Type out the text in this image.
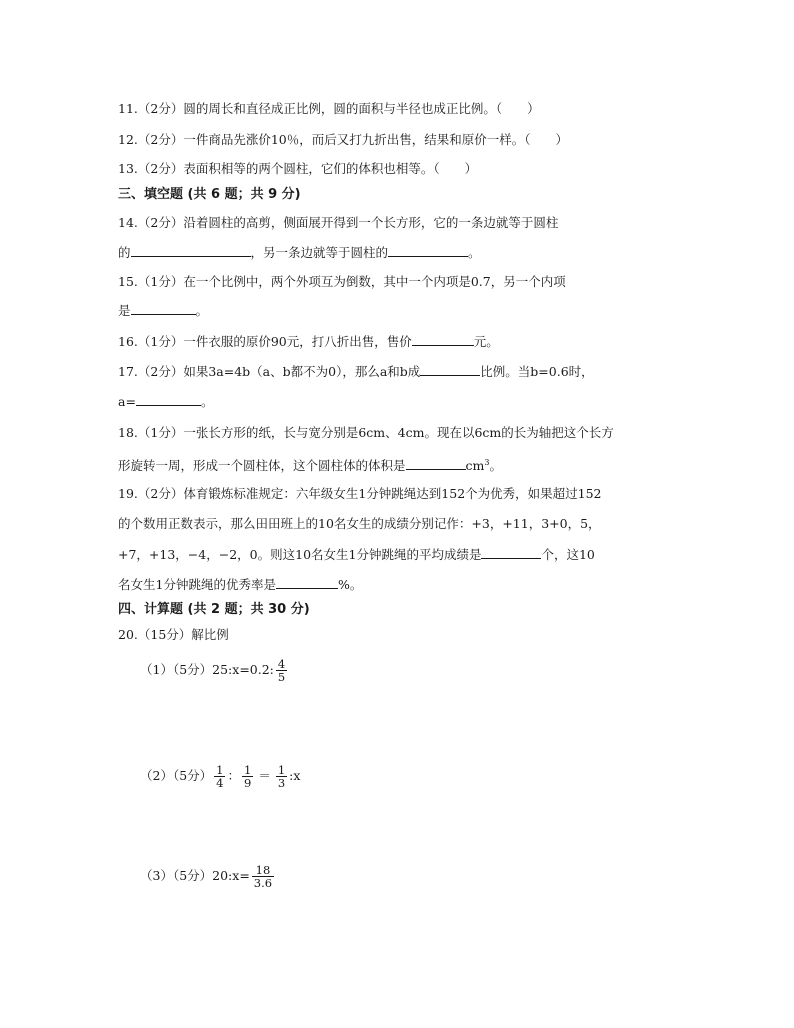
11.（2分）圆的周长和直径成正比例，圆的面积与半径也成正比例。（　　）
12.（2分）一件商品先涨价10％，而后又打九折出售，结果和原价一样。（　　）
13.（2分）表面积相等的两个圆柱，它们的体积也相等。（　　）
三、填空题 (共 6 题；共 9 分)
14.（2分）沿着圆柱的高剪，侧面展开得到一个长方形，它的一条边就等于圆柱
的	，另一条边就等于圆柱的	。
15.（1分）在一个比例中，两个外项互为倒数，其中一个内项是0.7，另一个内项
是	。
16.（1分）一件衣服的原价90元，打八折出售，售价	元。
17.（2分）如果3a=4b（a、b都不为0），那么a和b成	比例。当b=0.6时，
a=	。
18.（1分）一张长方形的纸，长与宽分别是6cm、4cm。现在以6cm的长为轴把这个长方
形旋转一周，形成一个圆柱体，这个圆柱体的体积是	$cm^3$。
19.（2分）体育锻炼标准规定：六年级女生1分钟跳绳达到152个为优秀，如果超过152
的个数用正数表示，那么田田班上的10名女生的成绩分别记作：+3，+11，3+0，5，
+7，+13，−4，−2，0。则这10名女生1分钟跳绳的平均成绩是	个，这10
名女生1分钟跳绳的优秀率是	%。
四、计算题 (共 2 题；共 30 分)
20.（15分）解比例
（1）（5分）25:x=0.2: $\frac{4}{5}$
（2）（5分） $\frac{1}{4}$ ： $\frac{1}{9} = \frac{1}{3}$ :x
（3）（5分）20:x= $\frac{18}{3.6}$
